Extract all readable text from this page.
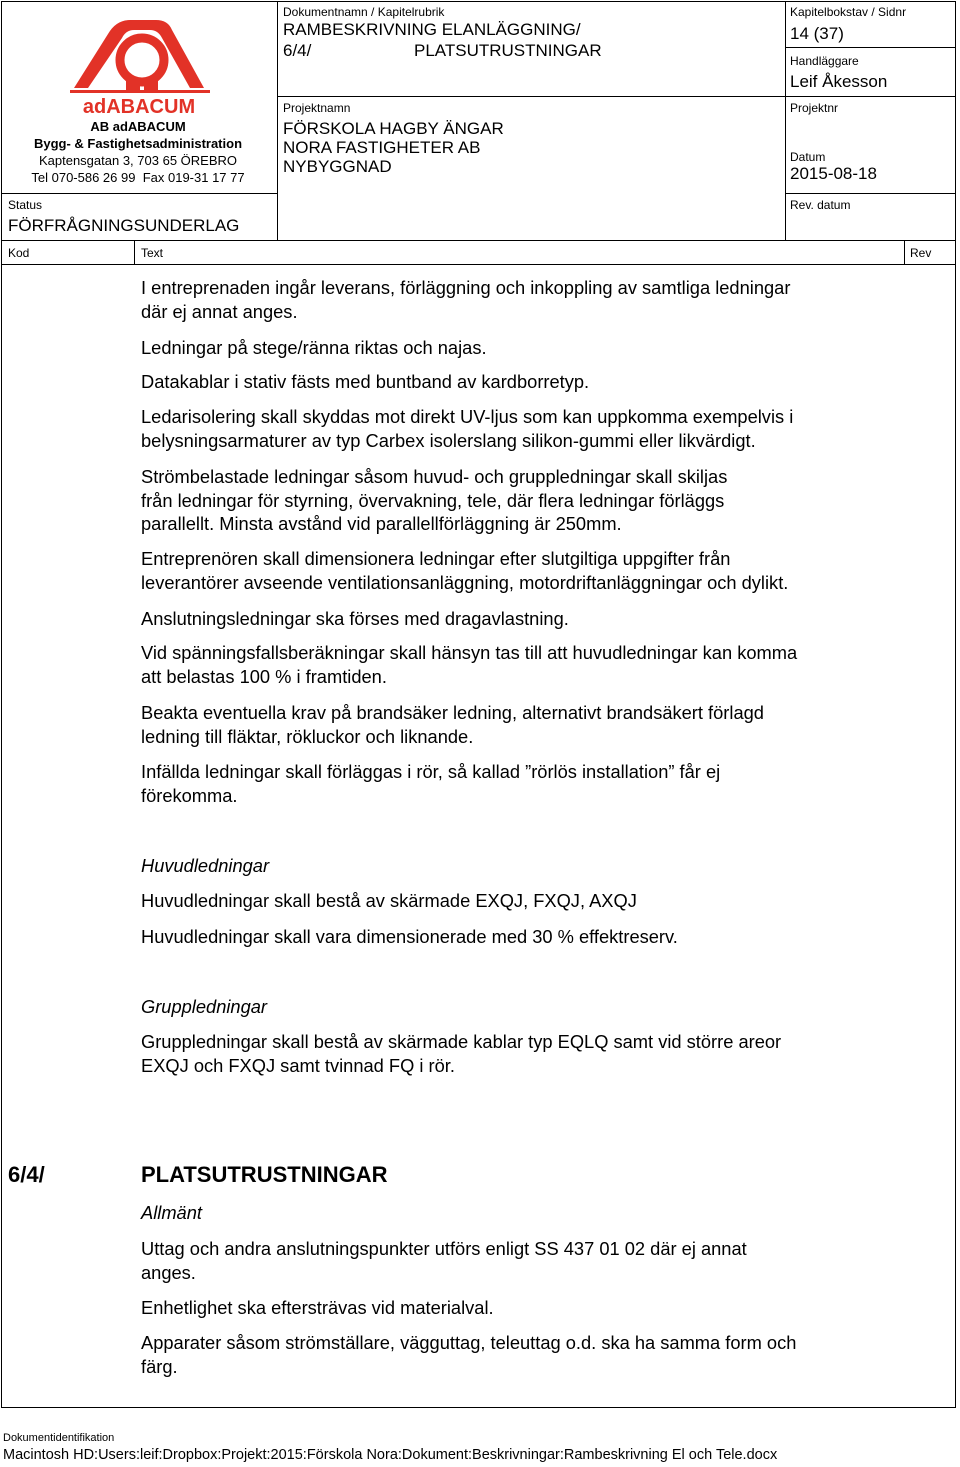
adABACUM
AB adABACUM
Bygg- & Fastighetsadministration
Kaptensgatan 3, 703 65 ÖREBRO
Tel 070-586 26 99 Fax 019-31 17 77
Status
FÖRFRÅGNINGSUNDERLAG
Dokumentnamn / Kapitelrubrik
RAMBESKRIVNING ELANLÄGGNING/
6/4/	PLATSUTRUSTNINGAR
Projektnamn
FÖRSKOLA HAGBY ÄNGAR
NORA FASTIGHETER AB
NYBYGGNAD
Kapitelbokstav / Sidnr
14 (37)
Handläggare
Leif Åkesson
Projektnr
Datum
2015-08-18
Rev. datum
Kod	Text	Rev

I entreprenaden ingår leverans, förläggning och inkoppling av samtliga ledningar
där ej annat anges.

Ledningar på stege/ränna riktas och najas.

Datakablar i stativ fästs med buntband av kardborretyp.

Ledarisolering skall skyddas mot direkt UV-ljus som kan uppkomma exempelvis i
belysningsarmaturer av typ Carbex isolerslang silikon-gummi eller likvärdigt.

Strömbelastade ledningar såsom huvud- och gruppledningar skall skiljas
från ledningar för styrning, övervakning, tele, där flera ledningar förläggs
parallellt. Minsta avstånd vid parallellförläggning är 250mm.

Entreprenören skall dimensionera ledningar efter slutgiltiga uppgifter från
leverantörer avseende ventilationsanläggning, motordriftanläggningar och dylikt.

Anslutningsledningar ska förses med dragavlastning.

Vid spänningsfallsberäkningar skall hänsyn tas till att huvudledningar kan komma
att belastas 100 % i framtiden.

Beakta eventuella krav på brandsäker ledning, alternativt brandsäkert förlagd
ledning till fläktar, rökluckor och liknande.

Infällda ledningar skall förläggas i rör, så kallad ”rörlös installation” får ej
förekomma.

Huvudledningar

Huvudledningar skall bestå av skärmade EXQJ, FXQJ, AXQJ

Huvudledningar skall vara dimensionerade med 30 % effektreserv.

Gruppledningar

Gruppledningar skall bestå av skärmade kablar typ EQLQ samt vid större areor
EXQJ och FXQJ samt tvinnad FQ i rör.

6/4/	PLATSUTRUSTNINGAR
Allmänt

Uttag och andra anslutningspunkter utförs enligt SS 437 01 02 där ej annat
anges.

Enhetlighet ska eftersträvas vid materialval.

Apparater såsom strömställare, vägguttag, teleuttag o.d. ska ha samma form och
färg.

Dokumentidentifikation
Macintosh HD:Users:leif:Dropbox:Projekt:2015:Förskola Nora:Dokument:Beskrivningar:Rambeskrivning El och Tele.docx
